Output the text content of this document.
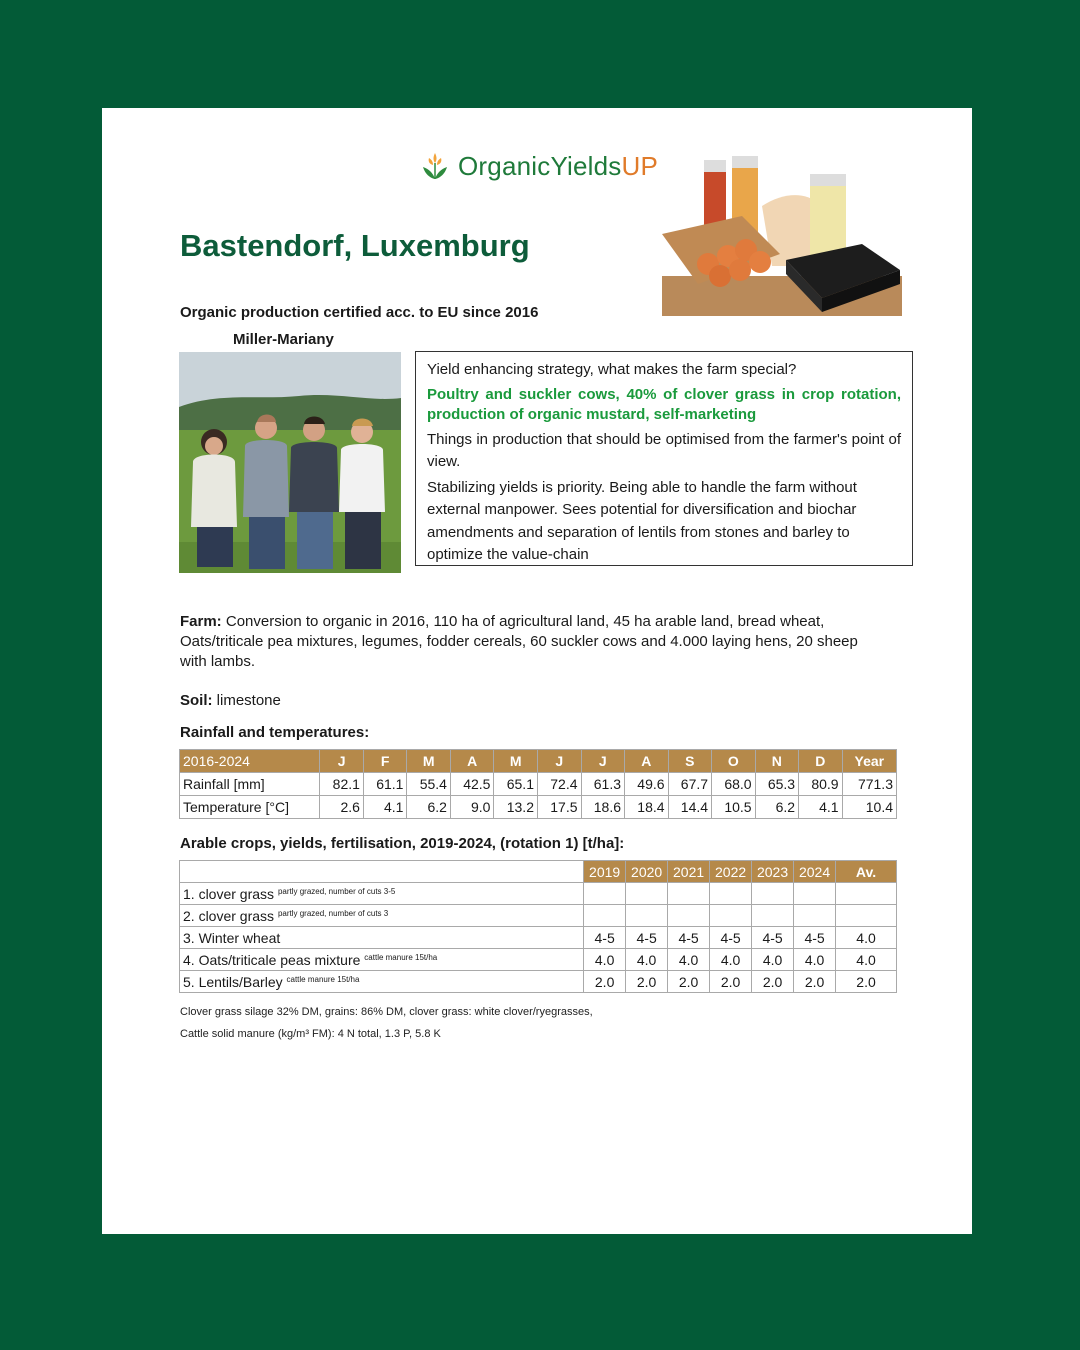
OrganicYieldsUP
Bastendorf, Luxemburg
Organic production certified acc. to EU since 2016
Miller-Mariany

Yield enhancing strategy, what makes the farm special?

Poultry and suckler cows, 40% of clover grass in crop rotation, production of organic mustard, self-marketing

Things in production that should be optimised from the farmer's point of view.

Stabilizing yields is priority. Being able to handle the farm without external manpower. Sees potential for diversification and biochar amendments and separation of lentils from stones and barley to optimize the value-chain

Farm: Conversion to organic in 2016, 110 ha of agricultural land, 45 ha arable land, bread wheat, Oats/triticale pea mixtures, legumes, fodder cereals, 60 suckler cows and 4.000 laying hens, 20 sheep with lambs.
Soil: limestone
Rainfall and temperatures:
2016-2024	J	F	M	A	M	J	J	A	S	O	N	D	Year
Rainfall [mm]	82.1	61.1	55.4	42.5	65.1	72.4	61.3	49.6	67.7	68.0	65.3	80.9	771.3
Temperature [°C]	2.6	4.1	6.2	9.0	13.2	17.5	18.6	18.4	14.4	10.5	6.2	4.1	10.4
Arable crops, yields, fertilisation, 2019-2024, (rotation 1) [t/ha]:
	2019	2020	2021	2022	2023	2024	Av.
1. clover grass $^{partly grazed, number of cuts 3-5}$							
2. clover grass $^{partly grazed, number of cuts 3}$							
3. Winter wheat	4-5	4-5	4-5	4-5	4-5	4-5	4.0
4. Oats/triticale peas mixture $^{cattle manure 15t/ha}$	4.0	4.0	4.0	4.0	4.0	4.0	4.0
5. Lentils/Barley $^{cattle manure 15t/ha}$	2.0	2.0	2.0	2.0	2.0	2.0	2.0
Clover grass silage 32% DM, grains: 86% DM, clover grass: white clover/ryegrasses,
Cattle solid manure (kg/m³ FM): 4 N total, 1.3 P, 5.8 K
